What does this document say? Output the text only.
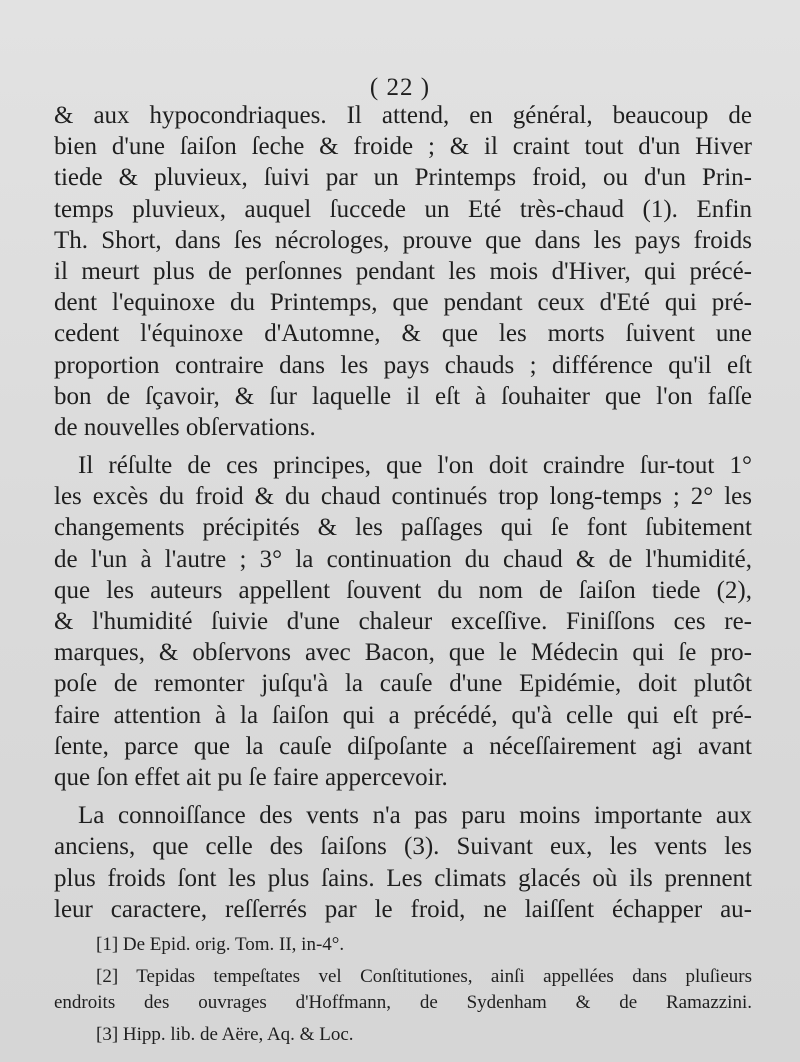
( 22 )
& aux hypocondriaques. Il attend, en général, beaucoup de
bien d'une ſaiſon ſeche & froide ; & il craint tout d'un Hiver
tiede & pluvieux, ſuivi par un Printemps froid, ou d'un Prin-
temps pluvieux, auquel ſuccede un Eté très-chaud (1). Enfin
Th. Short, dans ſes nécrologes, prouve que dans les pays froids
il meurt plus de perſonnes pendant les mois d'Hiver, qui précé-
dent l'equinoxe du Printemps, que pendant ceux d'Eté qui pré-
cedent l'équinoxe d'Automne, & que les morts ſuivent une
proportion contraire dans les pays chauds ; différence qu'il eſt
bon de ſçavoir, & ſur laquelle il eſt à ſouhaiter que l'on faſſe
de nouvelles obſervations.
Il réſulte de ces principes, que l'on doit craindre ſur-tout 1°
les excès du froid & du chaud continués trop long-temps ; 2° les
changements précipités & les paſſages qui ſe font ſubitement
de l'un à l'autre ; 3° la continuation du chaud & de l'humidité,
que les auteurs appellent ſouvent du nom de ſaiſon tiede (2),
& l'humidité ſuivie d'une chaleur exceſſive. Finiſſons ces re-
marques, & obſervons avec Bacon, que le Médecin qui ſe pro-
poſe de remonter juſqu'à la cauſe d'une Epidémie, doit plutôt
faire attention à la ſaiſon qui a précédé, qu'à celle qui eſt pré-
ſente, parce que la cauſe diſpoſante a néceſſairement agi avant
que ſon effet ait pu ſe faire appercevoir.
La connoiſſance des vents n'a pas paru moins importante aux
anciens, que celle des ſaiſons (3). Suivant eux, les vents les
plus froids ſont les plus ſains. Les climats glacés où ils prennent
leur caractere, reſſerrés par le froid, ne laiſſent échapper au-
[1] De Epid. orig. Tom. II, in-4°.
[2] Tepidas tempeſtates vel Conſtitutiones, ainſi appellées dans pluſieurs
endroits des ouvrages d'Hoffmann, de Sydenham & de Ramazzini.
[3] Hipp. lib. de Aëre, Aq. & Loc.
